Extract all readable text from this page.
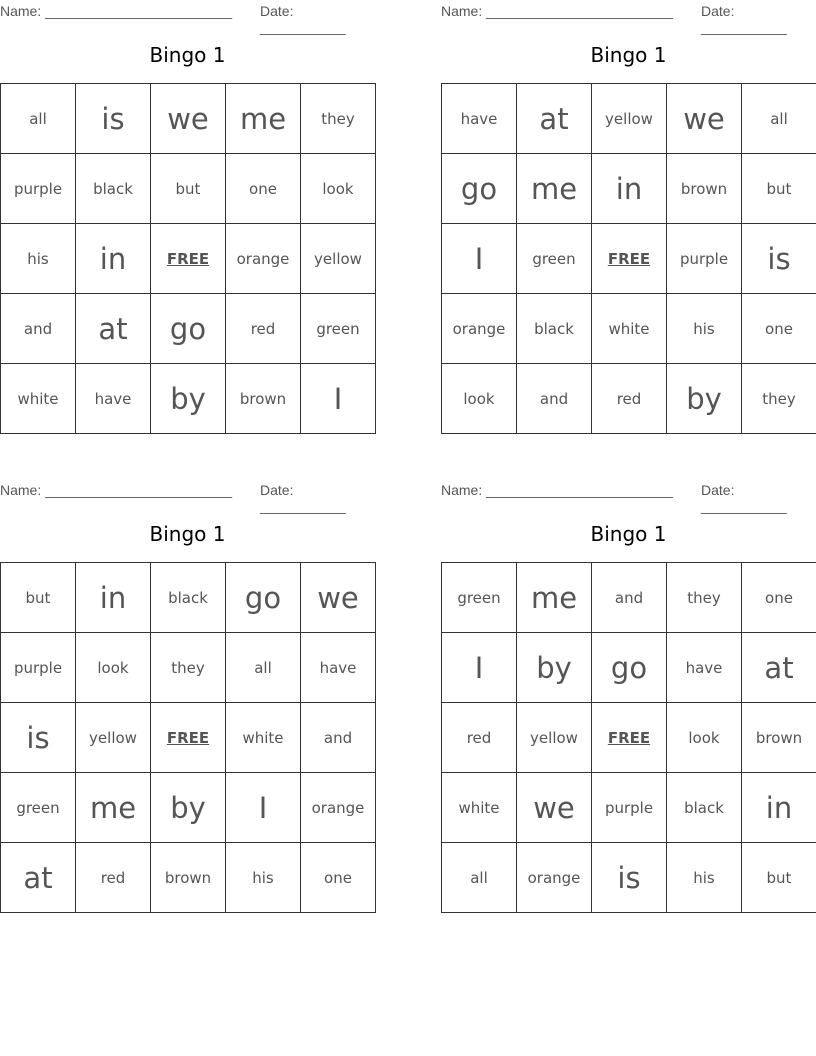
Name: ________________________ Date: ___________
Bingo 1
all	is	we	me	they
purple	black	but	one	look
his	in	FREE	orange	yellow
and	at	go	red	green
white	have	by	brown	I
Name: ________________________ Date: ___________
Bingo 1
have	at	yellow	we	all
go	me	in	brown	but
I	green	FREE	purple	is
orange	black	white	his	one
look	and	red	by	they
Name: ________________________ Date: ___________
Bingo 1
but	in	black	go	we
purple	look	they	all	have
is	yellow	FREE	white	and
green	me	by	I	orange
at	red	brown	his	one
Name: ________________________ Date: ___________
Bingo 1
green	me	and	they	one
I	by	go	have	at
red	yellow	FREE	look	brown
white	we	purple	black	in
all	orange	is	his	but
